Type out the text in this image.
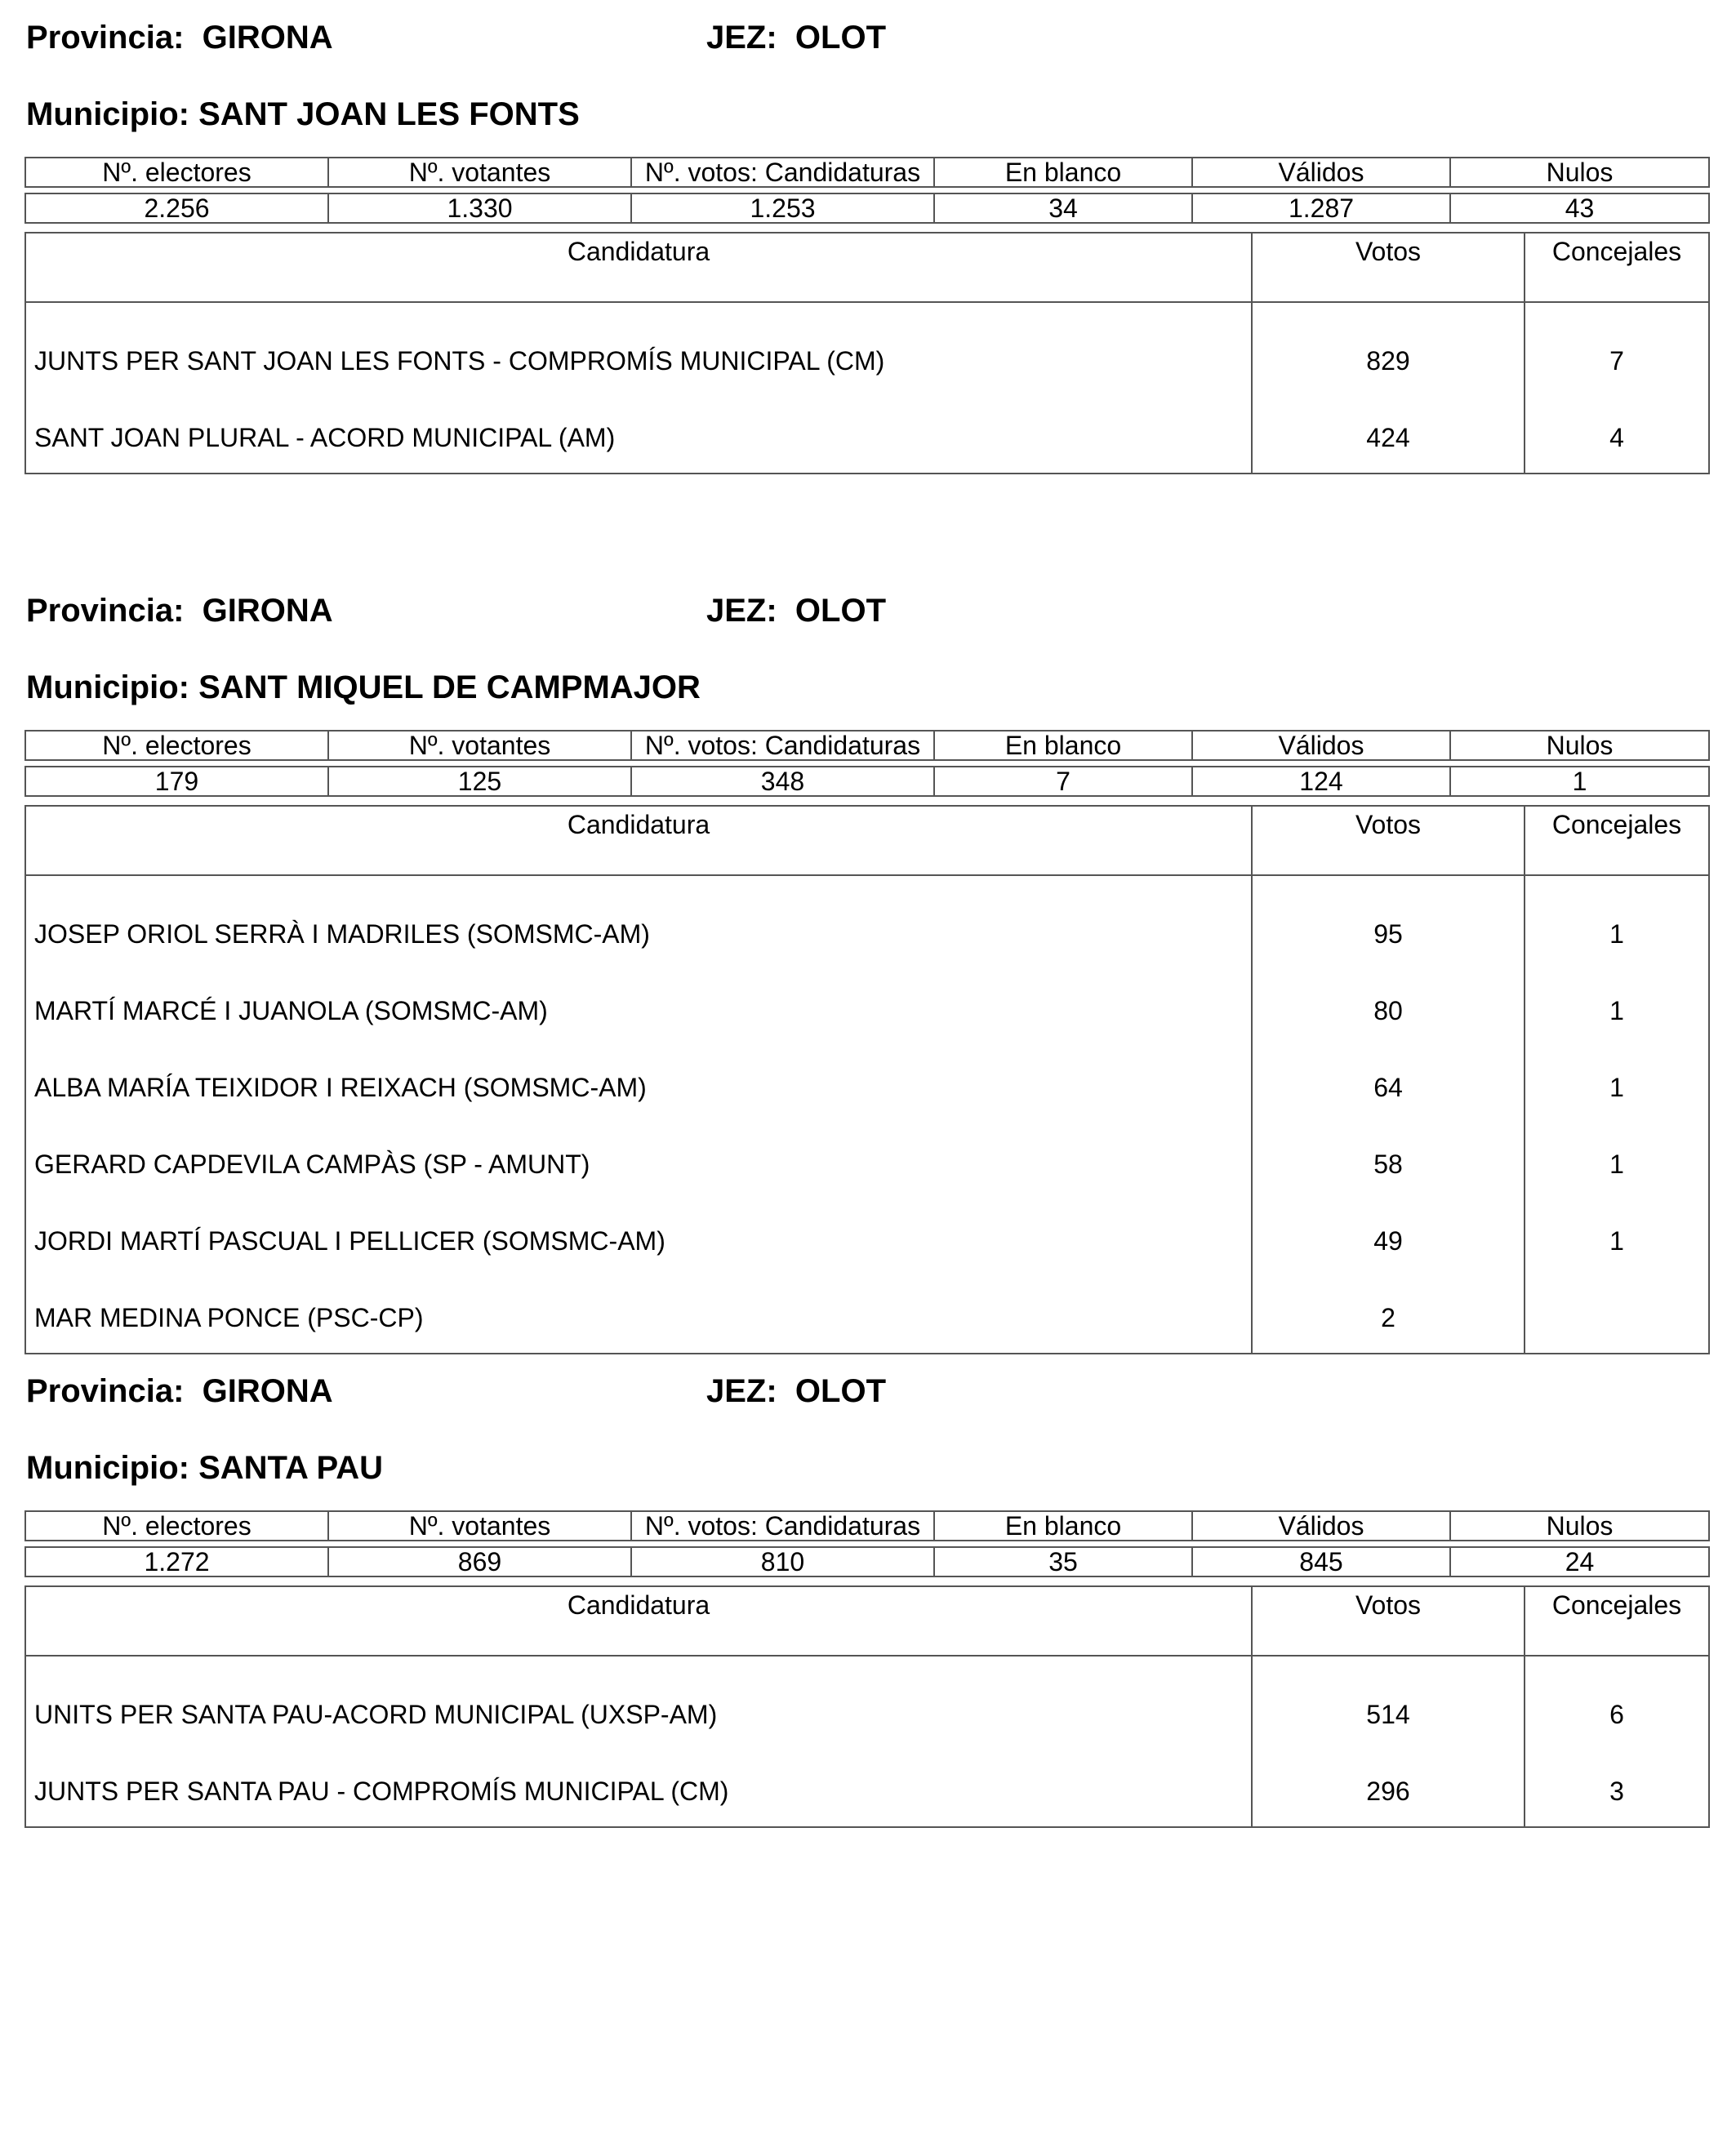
Provincia:  GIRONA	JEZ:  OLOT
Municipio: SANT JOAN LES FONTS
Nº. electores	Nº. votantes	Nº. votos: Candidaturas	En blanco	Válidos	Nulos

2.256	1.330	1.253	34	1.287	43
Candidatura	Votos	Concejales
JUNTS PER SANT JOAN LES FONTS - COMPROMÍS MUNICIPAL (CM)	829	7
SANT JOAN PLURAL - ACORD MUNICIPAL (AM)	424	4
Provincia:  GIRONA	JEZ:  OLOT
Municipio: SANT MIQUEL DE CAMPMAJOR
Nº. electores	Nº. votantes	Nº. votos: Candidaturas	En blanco	Válidos	Nulos

179	125	348	7	124	1
Candidatura	Votos	Concejales
JOSEP ORIOL SERRÀ I MADRILES (SOMSMC-AM)	95	1
MARTÍ MARCÉ I JUANOLA (SOMSMC-AM)	80	1
ALBA MARÍA TEIXIDOR I REIXACH (SOMSMC-AM)	64	1
GERARD CAPDEVILA CAMPÀS (SP - AMUNT)	58	1
JORDI MARTÍ PASCUAL I PELLICER (SOMSMC-AM)	49	1
MAR MEDINA PONCE (PSC-CP)	2	
Provincia:  GIRONA	JEZ:  OLOT
Municipio: SANTA PAU
Nº. electores	Nº. votantes	Nº. votos: Candidaturas	En blanco	Válidos	Nulos

1.272	869	810	35	845	24
Candidatura	Votos	Concejales
UNITS PER SANTA PAU-ACORD MUNICIPAL (UXSP-AM)	514	6
JUNTS PER SANTA PAU - COMPROMÍS MUNICIPAL (CM)	296	3
